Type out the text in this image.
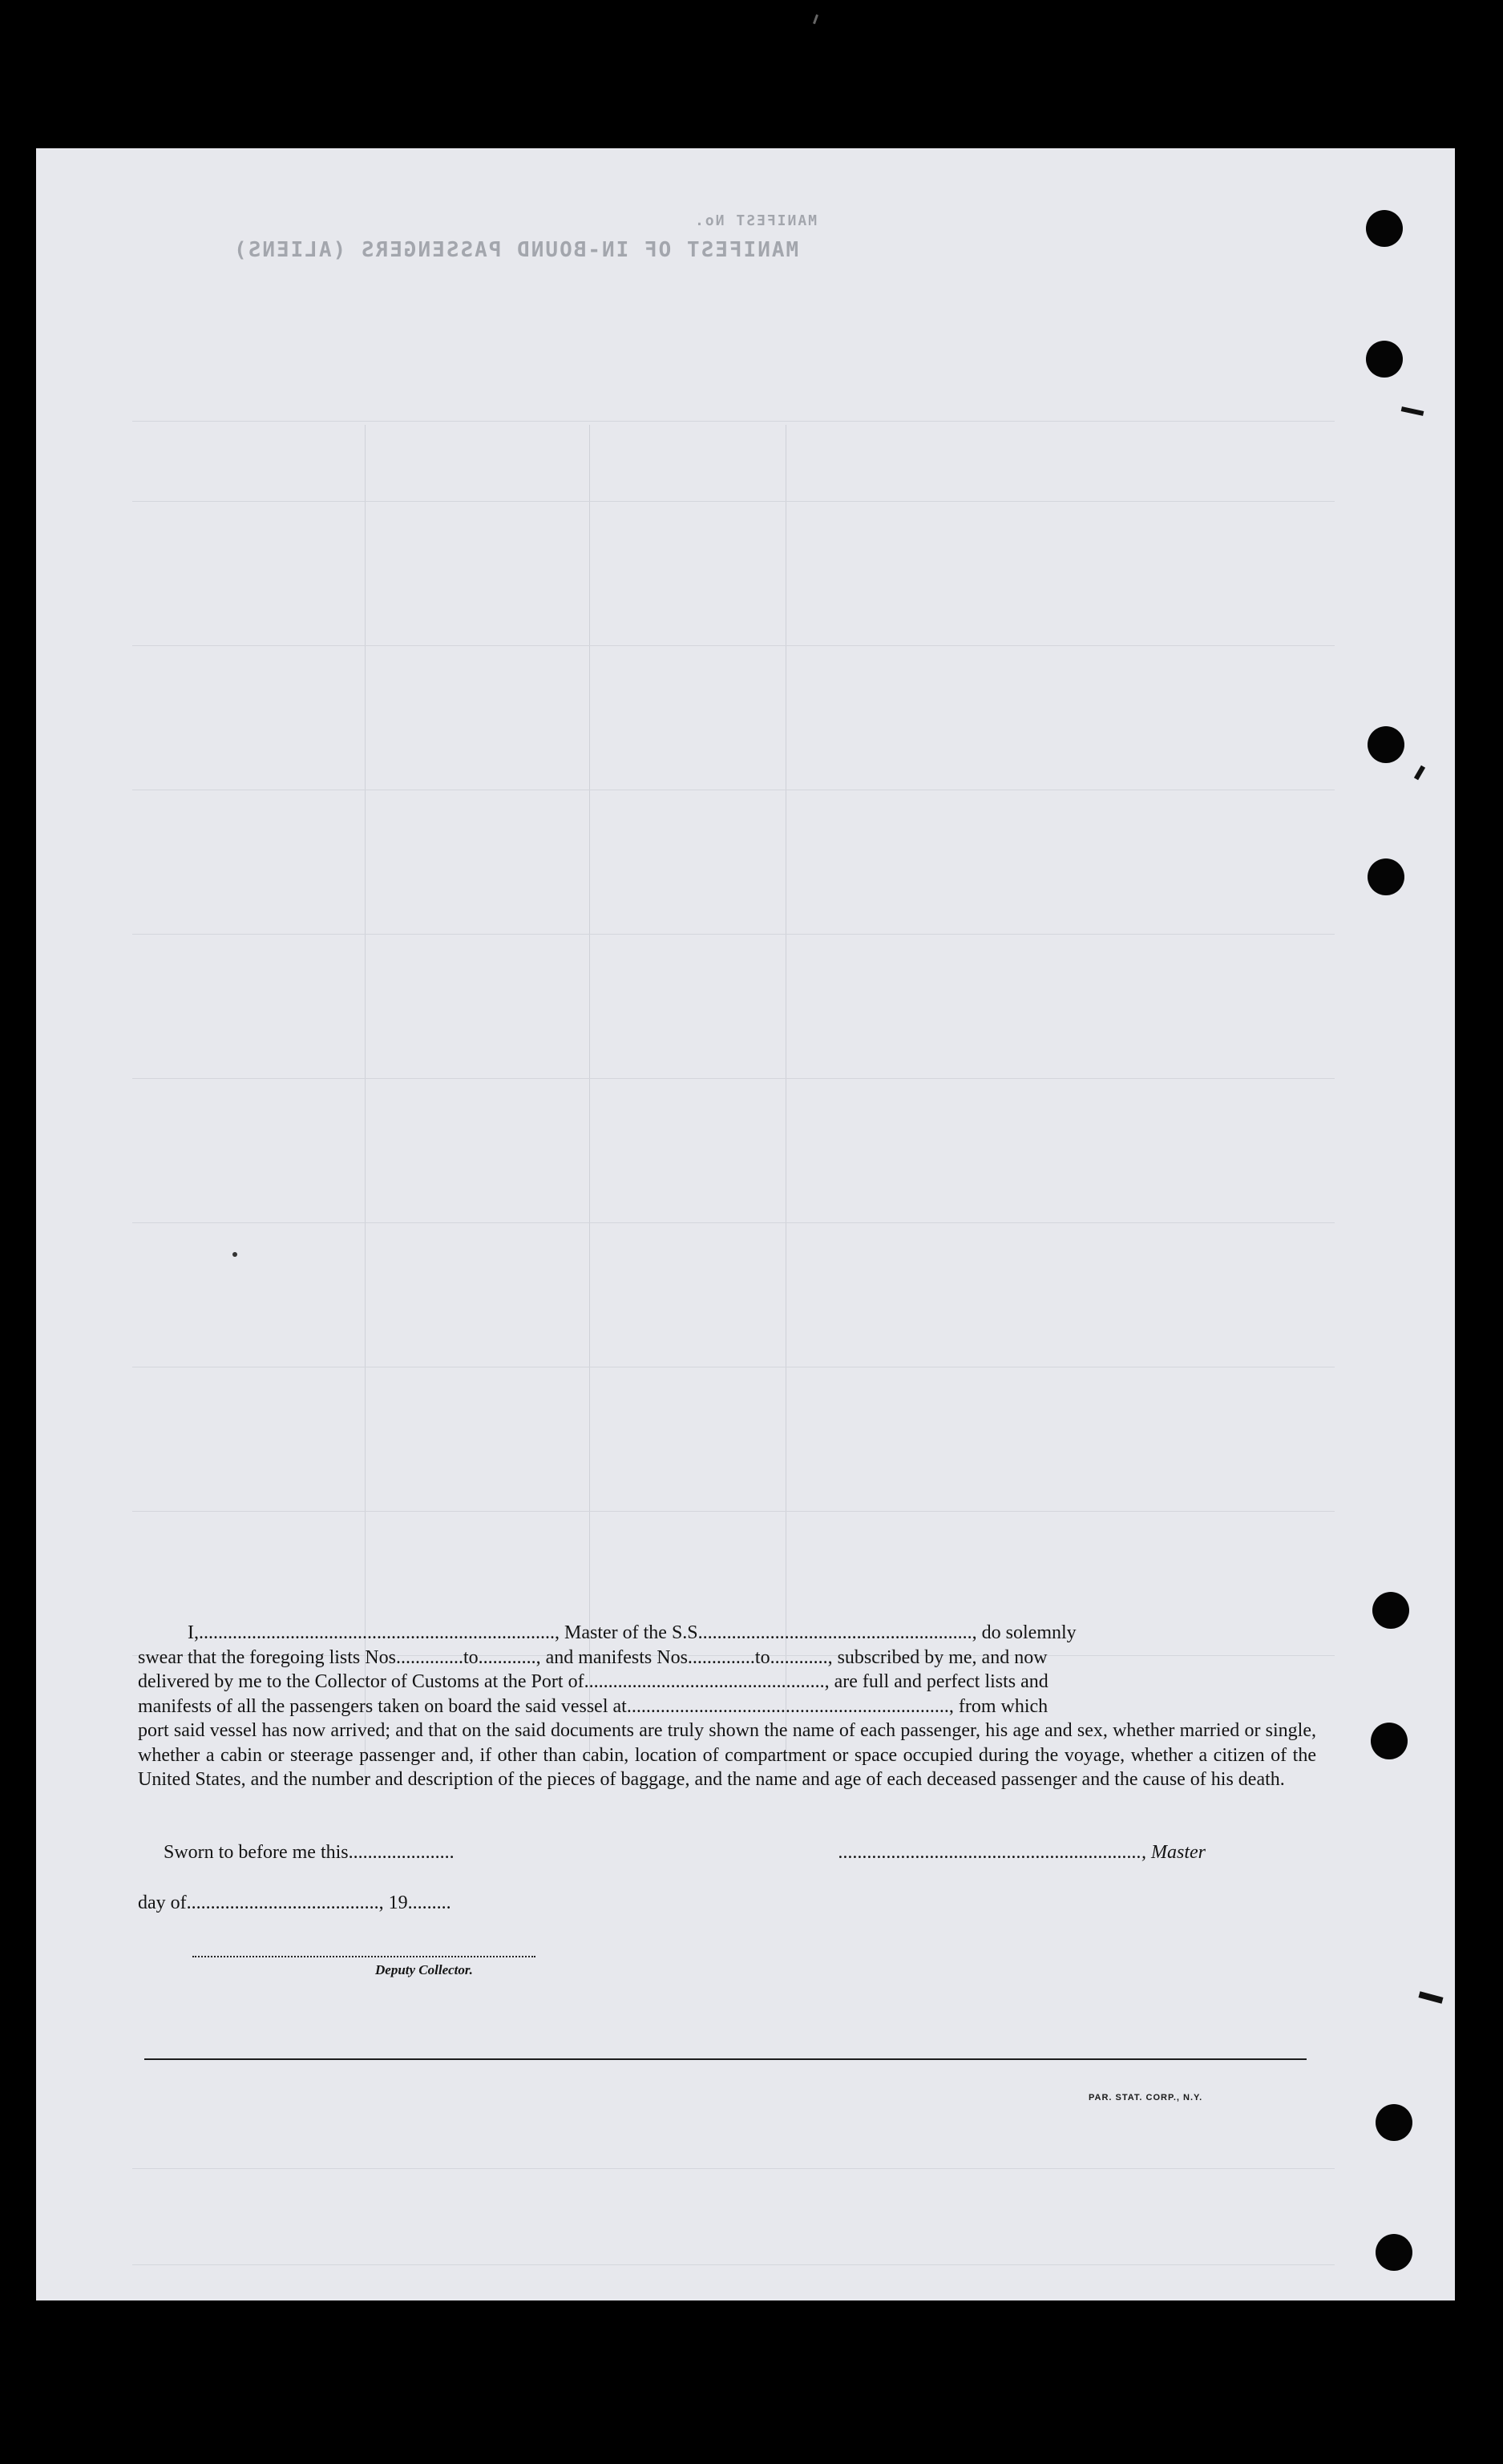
MANIFEST No.
MANIFEST OF IN-BOUND PASSENGERS (ALIENS)

I,.........................................................................., Master of the S.S........................................................., do solemnly

swear that the foregoing lists Nos..............to............, and manifests Nos..............to............, subscribed by me, and now

delivered by me to the Collector of Customs at the Port of.................................................., are full and perfect lists and

manifests of all the passengers taken on board the said vessel at..................................................................., from which

port said vessel has now arrived; and that on the said documents are truly shown the name of each passenger, his age and sex, whether married or single, whether a cabin or steerage passenger and, if other than cabin, location of compartment or space occupied during the voyage, whether a citizen of the United States, and the number and description of the pieces of baggage, and the name and age of each deceased passenger and the cause of his death.

Sworn to before me this......................	..............................................................., Master
day of........................................, 19.........
Deputy Collector.
PAR. STAT. CORP., N.Y.
